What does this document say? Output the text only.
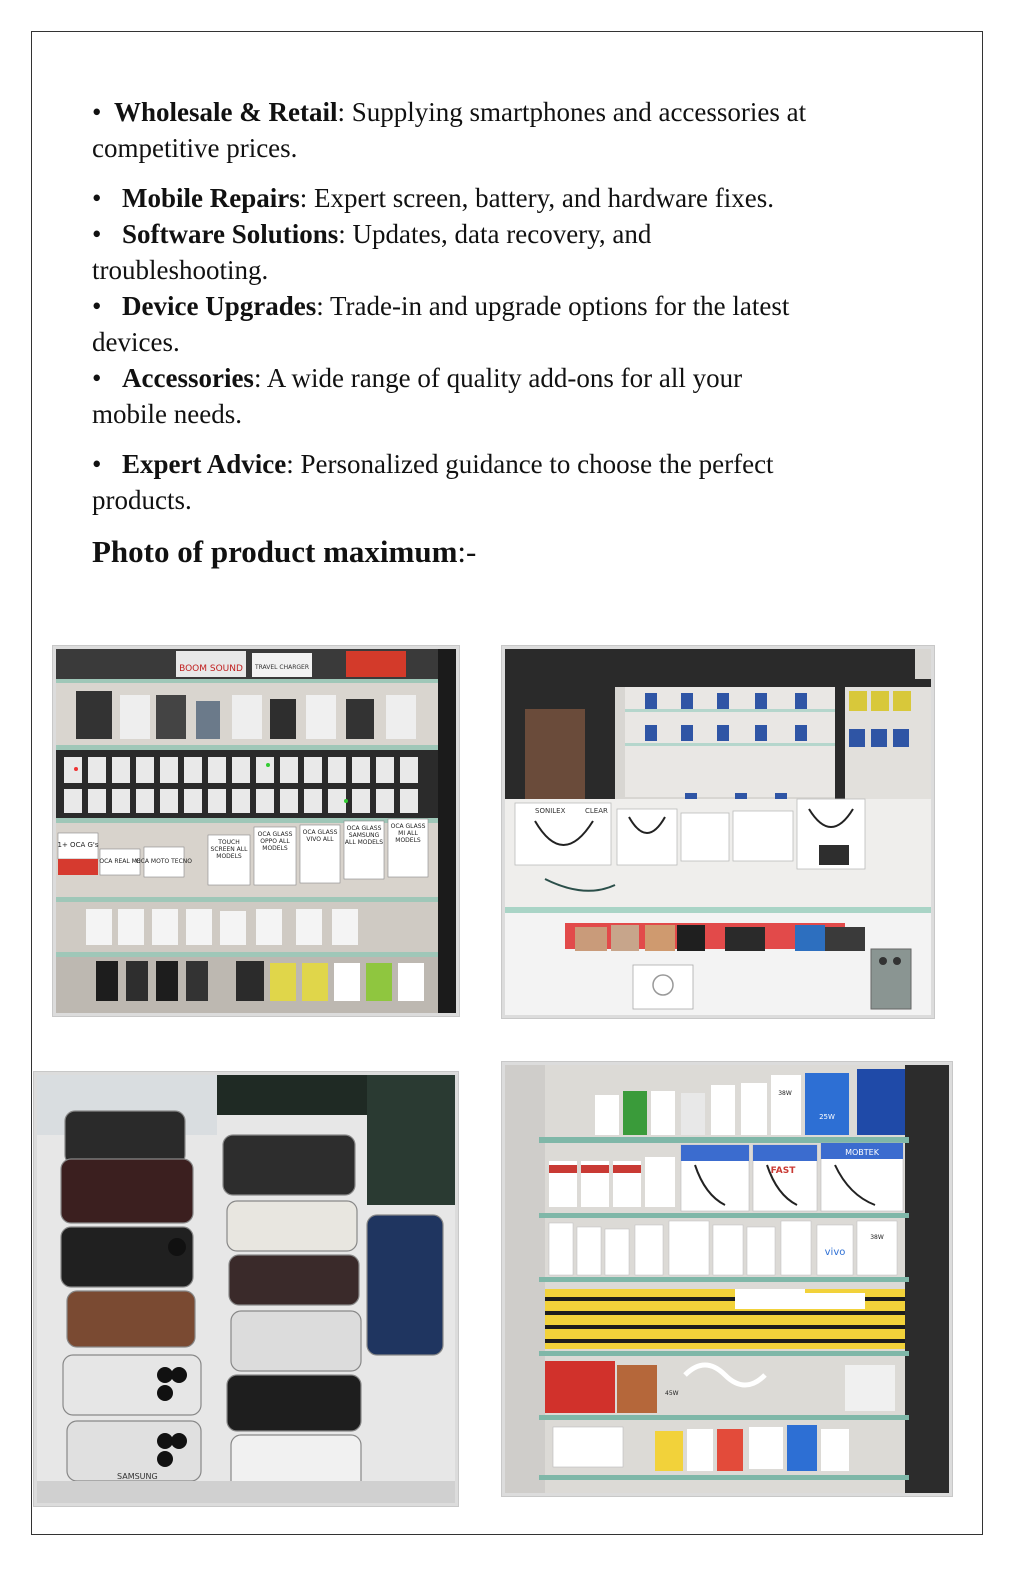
• Wholesale & Retail: Supplying smartphones and accessories at
competitive prices.

• Mobile Repairs: Expert screen, battery, and hardware fixes.

• Software Solutions: Updates, data recovery, and
troubleshooting.

• Device Upgrades: Trade-in and upgrade options for the latest
devices.

• Accessories: A wide range of quality add-ons for all your
mobile needs.

• Expert Advice: Personalized guidance to choose the perfect
products.

Photo of product maximum:-

BOOM SOUND TRAVEL CHARGER
1+ OCA G's
OCA REAL ME
OCA MOTO TECNO
TOUCH SCREEN ALL MODELS
OCA GLASS OPPO ALL MODELS
OCA GLASS VIVO ALL
OCA GLASS SAMSUNG ALL MODELS
OCA GLASS MI ALL MODELS
SONILEX	CLEAR
SAMSUNG
25W
38W
MOBTEK
FAST
vivo
38W
45W
